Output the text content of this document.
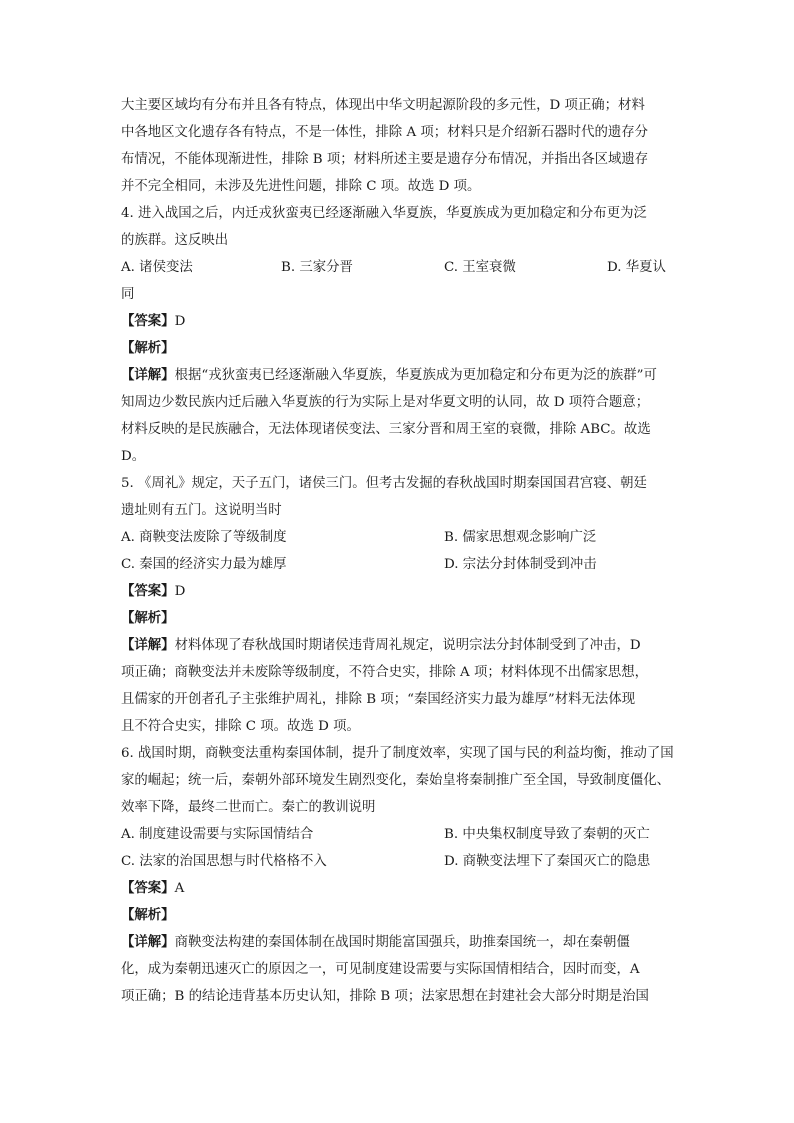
大主要区域均有分布并且各有特点，体现出中华文明起源阶段的多元性，D 项正确；材料
中各地区文化遗存各有特点，不是一体性，排除 A 项；材料只是介绍新石器时代的遗存分
布情况，不能体现渐进性，排除 B 项；材料所述主要是遗存分布情况，并指出各区域遗存
并不完全相同，未涉及先进性问题，排除 C 项。故选 D 项。
4. 进入战国之后，内迁戎狄蛮夷已经逐渐融入华夏族，华夏族成为更加稳定和分布更为泛
的族群。这反映出
A. 诸侯变法	B. 三家分晋	C. 王室衰微	D. 华夏认
同
【答案】D
【解析】
【详解】根据“戎狄蛮夷已经逐渐融入华夏族，华夏族成为更加稳定和分布更为泛的族群”可
知周边少数民族内迁后融入华夏族的行为实际上是对华夏文明的认同，故 D 项符合题意；
材料反映的是民族融合，无法体现诸侯变法、三家分晋和周王室的衰微，排除 ABC。故选
D。
5. 《周礼》规定，天子五门，诸侯三门。但考古发掘的春秋战国时期秦国国君宫寝、朝廷
遗址则有五门。这说明当时
A. 商鞅变法废除了等级制度	B. 儒家思想观念影响广泛
C. 秦国的经济实力最为雄厚	D. 宗法分封体制受到冲击
【答案】D
【解析】
【详解】材料体现了春秋战国时期诸侯违背周礼规定，说明宗法分封体制受到了冲击，D
项正确；商鞅变法并未废除等级制度，不符合史实，排除 A 项；材料体现不出儒家思想，
且儒家的开创者孔子主张维护周礼，排除 B 项；“秦国经济实力最为雄厚”材料无法体现
且不符合史实，排除 C 项。故选 D 项。
6. 战国时期，商鞅变法重构秦国体制，提升了制度效率，实现了国与民的利益均衡，推动了国
家的崛起；统一后，秦朝外部环境发生剧烈变化，秦始皇将秦制推广至全国，导致制度僵化、
效率下降，最终二世而亡。秦亡的教训说明
A. 制度建设需要与实际国情结合	B. 中央集权制度导致了秦朝的灭亡
C. 法家的治国思想与时代格格不入	D. 商鞅变法埋下了秦国灭亡的隐患
【答案】A
【解析】
【详解】商鞅变法构建的秦国体制在战国时期能富国强兵，助推秦国统一，却在秦朝僵
化，成为秦朝迅速灭亡的原因之一，可见制度建设需要与实际国情相结合，因时而变，A
项正确；B 的结论违背基本历史认知，排除 B 项；法家思想在封建社会大部分时期是治国
